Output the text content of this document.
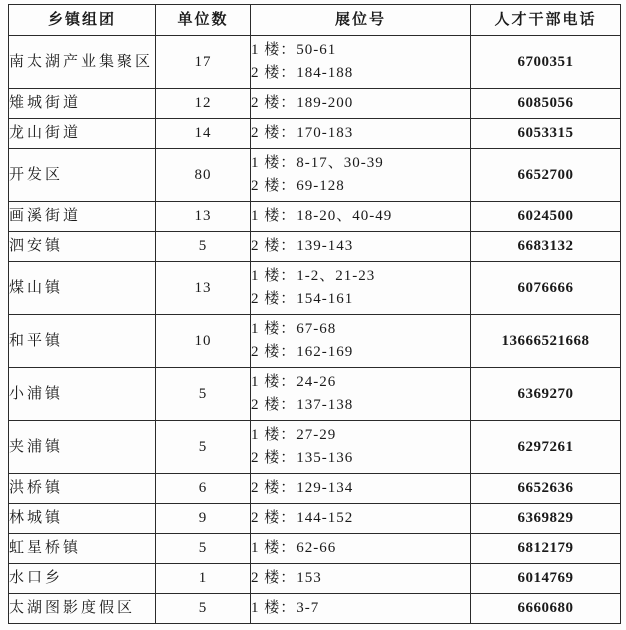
乡镇组团	单位数	展位号	人才干部电话
南太湖产业集聚区	17	1 楼：50-61
2 楼：184-188	6700351
雉城街道	12	2 楼：189-200	6085056
龙山街道	14	2 楼：170-183	6053315
开发区	80	1 楼：8-17、30-39
2 楼：69-128	6652700
画溪街道	13	1 楼：18-20、40-49	6024500
泗安镇	5	2 楼：139-143	6683132
煤山镇	13	1 楼：1-2、21-23
2 楼：154-161	6076666
和平镇	10	1 楼：67-68
2 楼：162-169	13666521668
小浦镇	5	1 楼：24-26
2 楼：137-138	6369270
夹浦镇	5	1 楼：27-29
2 楼：135-136	6297261
洪桥镇	6	2 楼：129-134	6652636
林城镇	9	2 楼：144-152	6369829
虹星桥镇	5	1 楼：62-66	6812179
水口乡	1	2 楼：153	6014769
太湖图影度假区	5	1 楼：3-7	6660680
